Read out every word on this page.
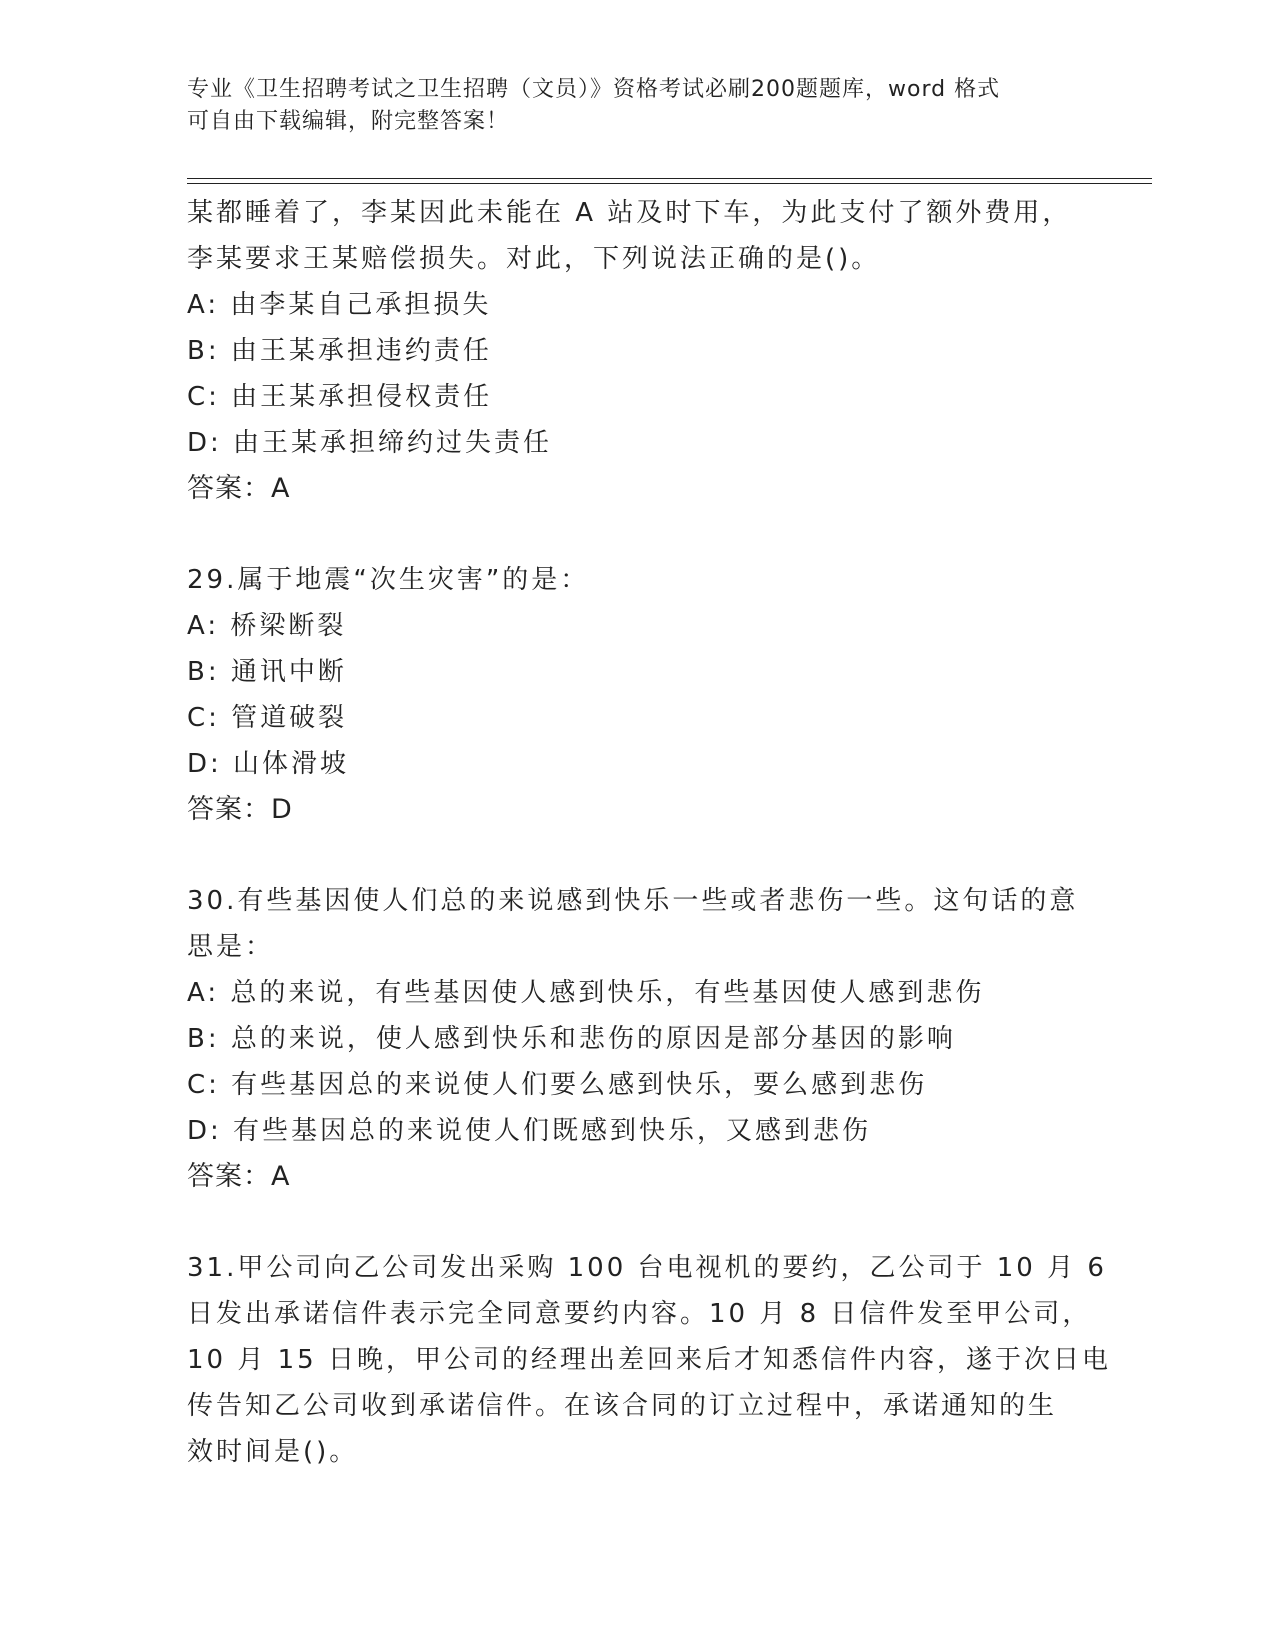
专业《卫生招聘考试之卫生招聘（文员）》资格考试必刷200题题库，word 格式
可自由下载编辑，附完整答案！
某都睡着了，李某因此未能在 A 站及时下车，为此支付了额外费用，
李某要求王某赔偿损失。对此，下列说法正确的是()。
A: 由李某自己承担损失
B: 由王某承担违约责任
C: 由王某承担侵权责任
D: 由王某承担缔约过失责任
答案：A
29.属于地震“次生灾害”的是：
A: 桥梁断裂
B: 通讯中断
C: 管道破裂
D: 山体滑坡
答案：D
30.有些基因使人们总的来说感到快乐一些或者悲伤一些。这句话的意
思是：
A: 总的来说，有些基因使人感到快乐，有些基因使人感到悲伤
B: 总的来说，使人感到快乐和悲伤的原因是部分基因的影响
C: 有些基因总的来说使人们要么感到快乐，要么感到悲伤
D: 有些基因总的来说使人们既感到快乐，又感到悲伤
答案：A
31.甲公司向乙公司发出采购 100 台电视机的要约，乙公司于 10 月 6
日发出承诺信件表示完全同意要约内容。10 月 8 日信件发至甲公司，
10 月 15 日晚，甲公司的经理出差回来后才知悉信件内容，遂于次日电
传告知乙公司收到承诺信件。在该合同的订立过程中，承诺通知的生
效时间是()。
